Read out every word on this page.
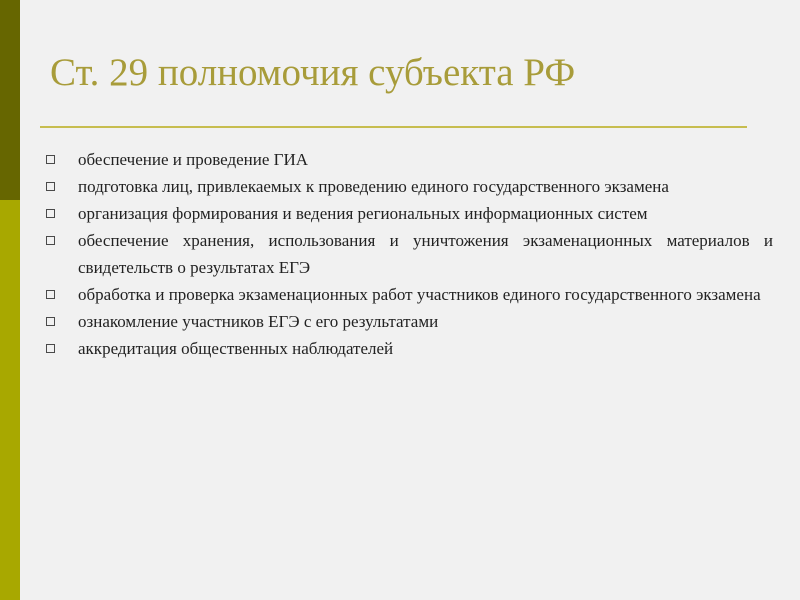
Ст. 29 полномочия субъекта РФ
обеспечение и проведение ГИА
подготовка лиц, привлекаемых к проведению единого государственного экзамена
организация формирования и ведения региональных информационных систем
обеспечение хранения, использования и уничтожения экзаменационных материалов и свидетельств о результатах ЕГЭ
обработка и проверка экзаменационных работ участников единого государственного экзамена
ознакомление участников ЕГЭ с его результатами
аккредитация общественных наблюдателей
